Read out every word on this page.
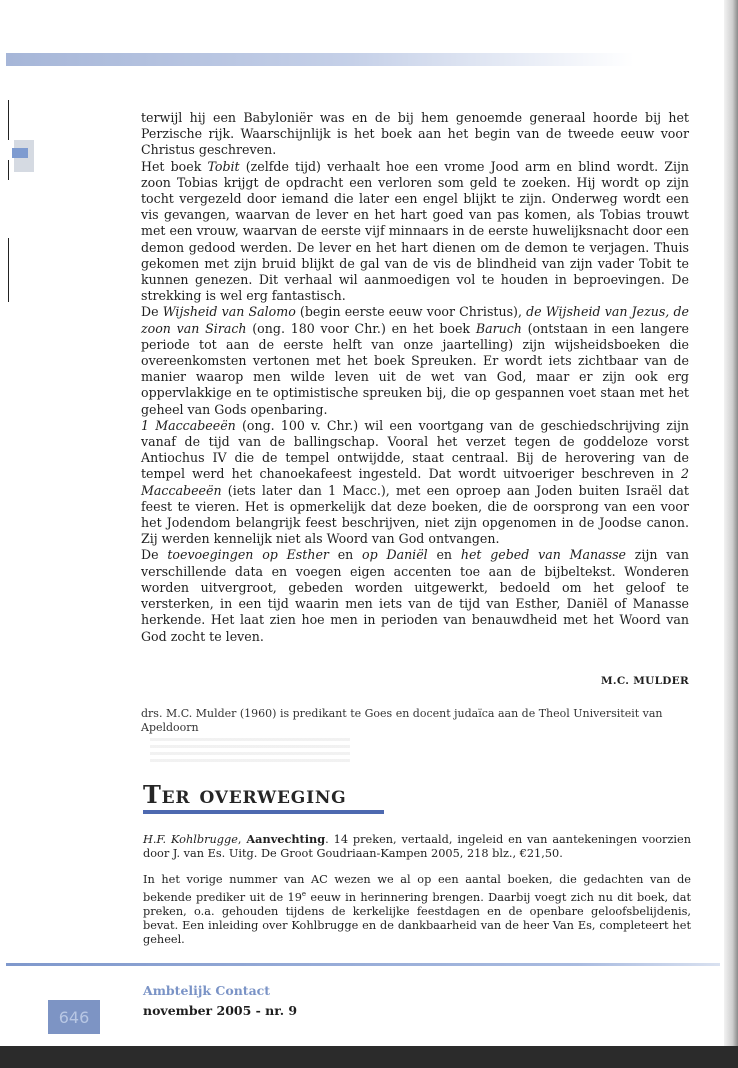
terwijl hij een Babyloniër was en de bij hem genoemde generaal hoorde bij het Perzische rijk. Waarschijnlijk is het boek aan het begin van de tweede eeuw voor Christus geschreven.

Het boek Tobit (zelfde tijd) verhaalt hoe een vrome Jood arm en blind wordt. Zijn zoon Tobias krijgt de opdracht een verloren som geld te zoeken. Hij wordt op zijn tocht vergezeld door iemand die later een engel blijkt te zijn. Onderweg wordt een vis gevangen, waarvan de lever en het hart goed van pas komen, als Tobias trouwt met een vrouw, waarvan de eerste vijf minnaars in de eerste huwelijksnacht door een demon gedood werden. De lever en het hart dienen om de demon te verjagen. Thuis gekomen met zijn bruid blijkt de gal van de vis de blindheid van zijn vader Tobit te kunnen genezen. Dit verhaal wil aanmoedigen vol te houden in beproevingen. De strekking is wel erg fantastisch.

De Wijsheid van Salomo (begin eerste eeuw voor Christus), de Wijsheid van Jezus, de zoon van Sirach (ong. 180 voor Chr.) en het boek Baruch (ontstaan in een langere periode tot aan de eerste helft van onze jaartelling) zijn wijsheidsboeken die overeenkomsten vertonen met het boek Spreuken. Er wordt iets zichtbaar van de manier waarop men wilde leven uit de wet van God, maar er zijn ook erg oppervlakkige en te optimistische spreuken bij, die op gespannen voet staan met het geheel van Gods openbaring.

1 Maccabeeën (ong. 100 v. Chr.) wil een voortgang van de geschiedschrijving zijn vanaf de tijd van de ballingschap. Vooral het verzet tegen de goddeloze vorst Antiochus IV die de tempel ontwijdde, staat centraal. Bij de herovering van de tempel werd het chanoekafeest ingesteld. Dat wordt uitvoeriger beschreven in 2 Maccabeeën (iets later dan 1 Macc.), met een oproep aan Joden buiten Israël dat feest te vieren. Het is opmerkelijk dat deze boeken, die de oorsprong van een voor het Jodendom belangrijk feest beschrijven, niet zijn opgenomen in de Joodse canon. Zij werden kennelijk niet als Woord van God ontvangen.

De toevoegingen op Esther en op Daniël en het gebed van Manasse zijn van verschillende data en voegen eigen accenten toe aan de bijbeltekst. Wonderen worden uitvergroot, gebeden worden uitgewerkt, bedoeld om het geloof te versterken, in een tijd waarin men iets van de tijd van Esther, Daniël of Manasse herkende. Het laat zien hoe men in perioden van benauwdheid met het Woord van God zocht te leven.

M.C. MULDER
drs. M.C. Mulder (1960) is predikant te Goes en docent judaïca aan de Theol Universiteit van Apeldoorn
Ter overweging
H.F. Kohlbrugge, Aanvechting. 14 preken, vertaald, ingeleid en van aantekeningen voorzien door J. van Es. Uitg. De Groot Goudriaan-Kampen 2005, 218 blz., €21,50.
In het vorige nummer van AC wezen we al op een aantal boeken, die gedachten van de bekende prediker uit de 19e eeuw in herinnering brengen. Daarbij voegt zich nu dit boek, dat preken, o.a. gehouden tijdens de kerkelijke feestdagen en de openbare geloofsbelijdenis, bevat. Een inleiding over Kohlbrugge en de dankbaarheid van de heer Van Es, completeert het geheel.
646
Ambtelijk Contact
november 2005 - nr. 9
